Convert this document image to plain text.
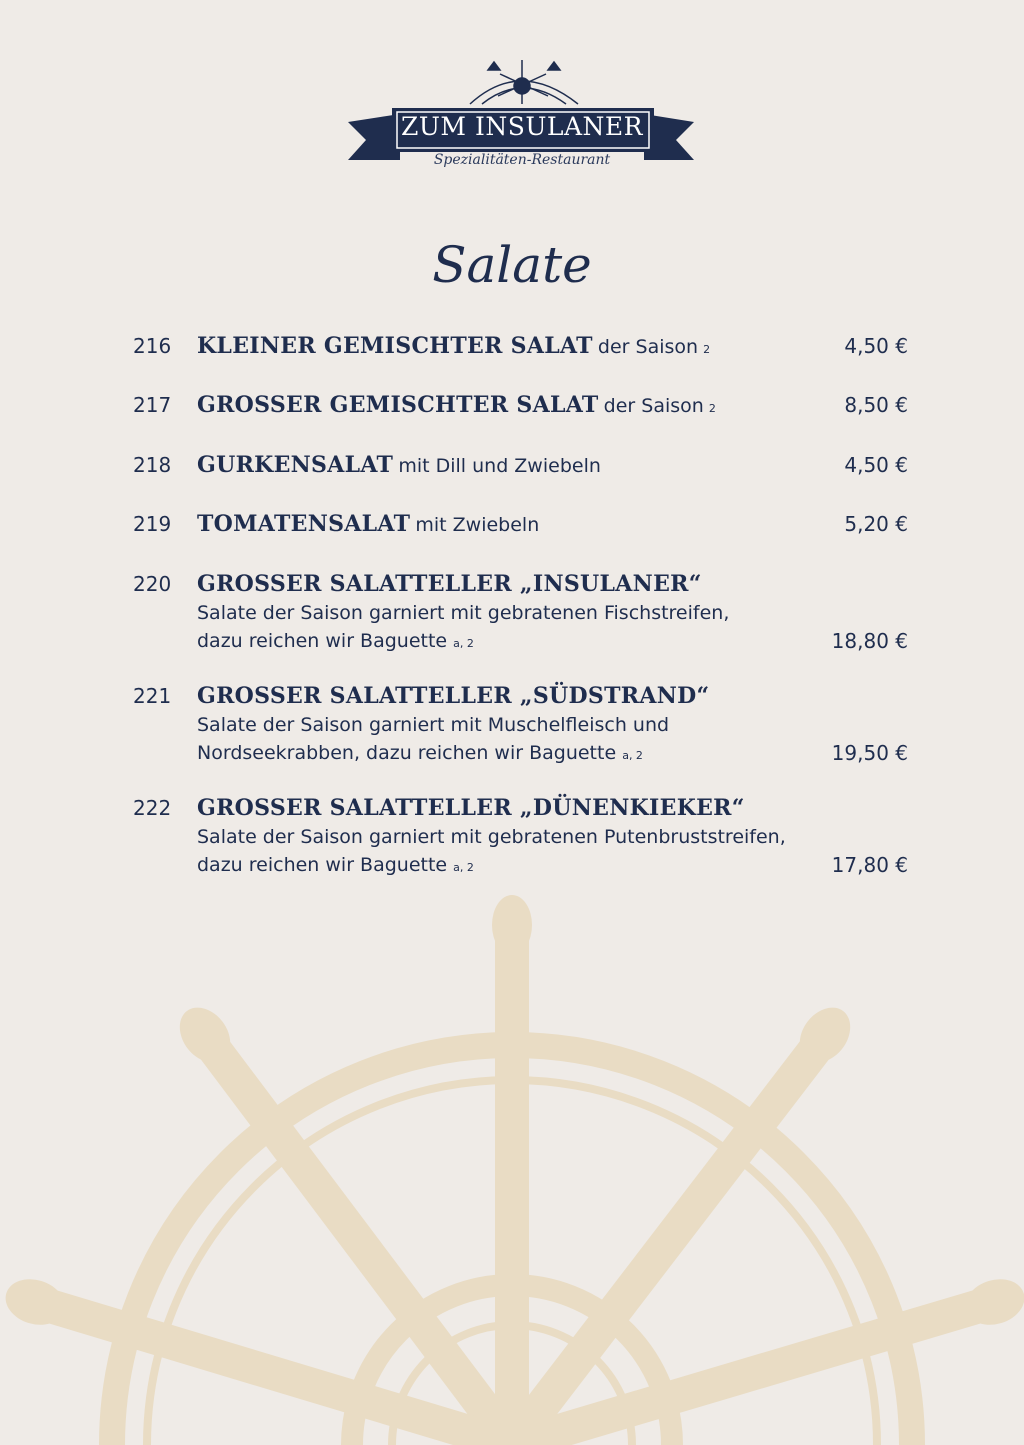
ZUM INSULANER
Spezialitäten-Restaurant
Salate
216 KLEINER GEMISCHTER SALAT der Saison 2	4,50 €
217 GROSSER GEMISCHTER SALAT der Saison 2	8,50 €
218 GURKENSALAT mit Dill und Zwiebeln	4,50 €
219 TOMATENSALAT mit Zwiebeln	5,20 €
220 GROSSER SALATTELLER „INSULANER“
Salate der Saison garniert mit gebratenen Fischstreifen,
dazu reichen wir Baguette a, 2	18,80 €
221 GROSSER SALATTELLER „SÜDSTRAND“
Salate der Saison garniert mit Muschelfleisch und
Nordseekrabben, dazu reichen wir Baguette a, 2	19,50 €
222 GROSSER SALATTELLER „DÜNENKIEKER“
Salate der Saison garniert mit gebratenen Putenbruststreifen,
dazu reichen wir Baguette a, 2	17,80 €
